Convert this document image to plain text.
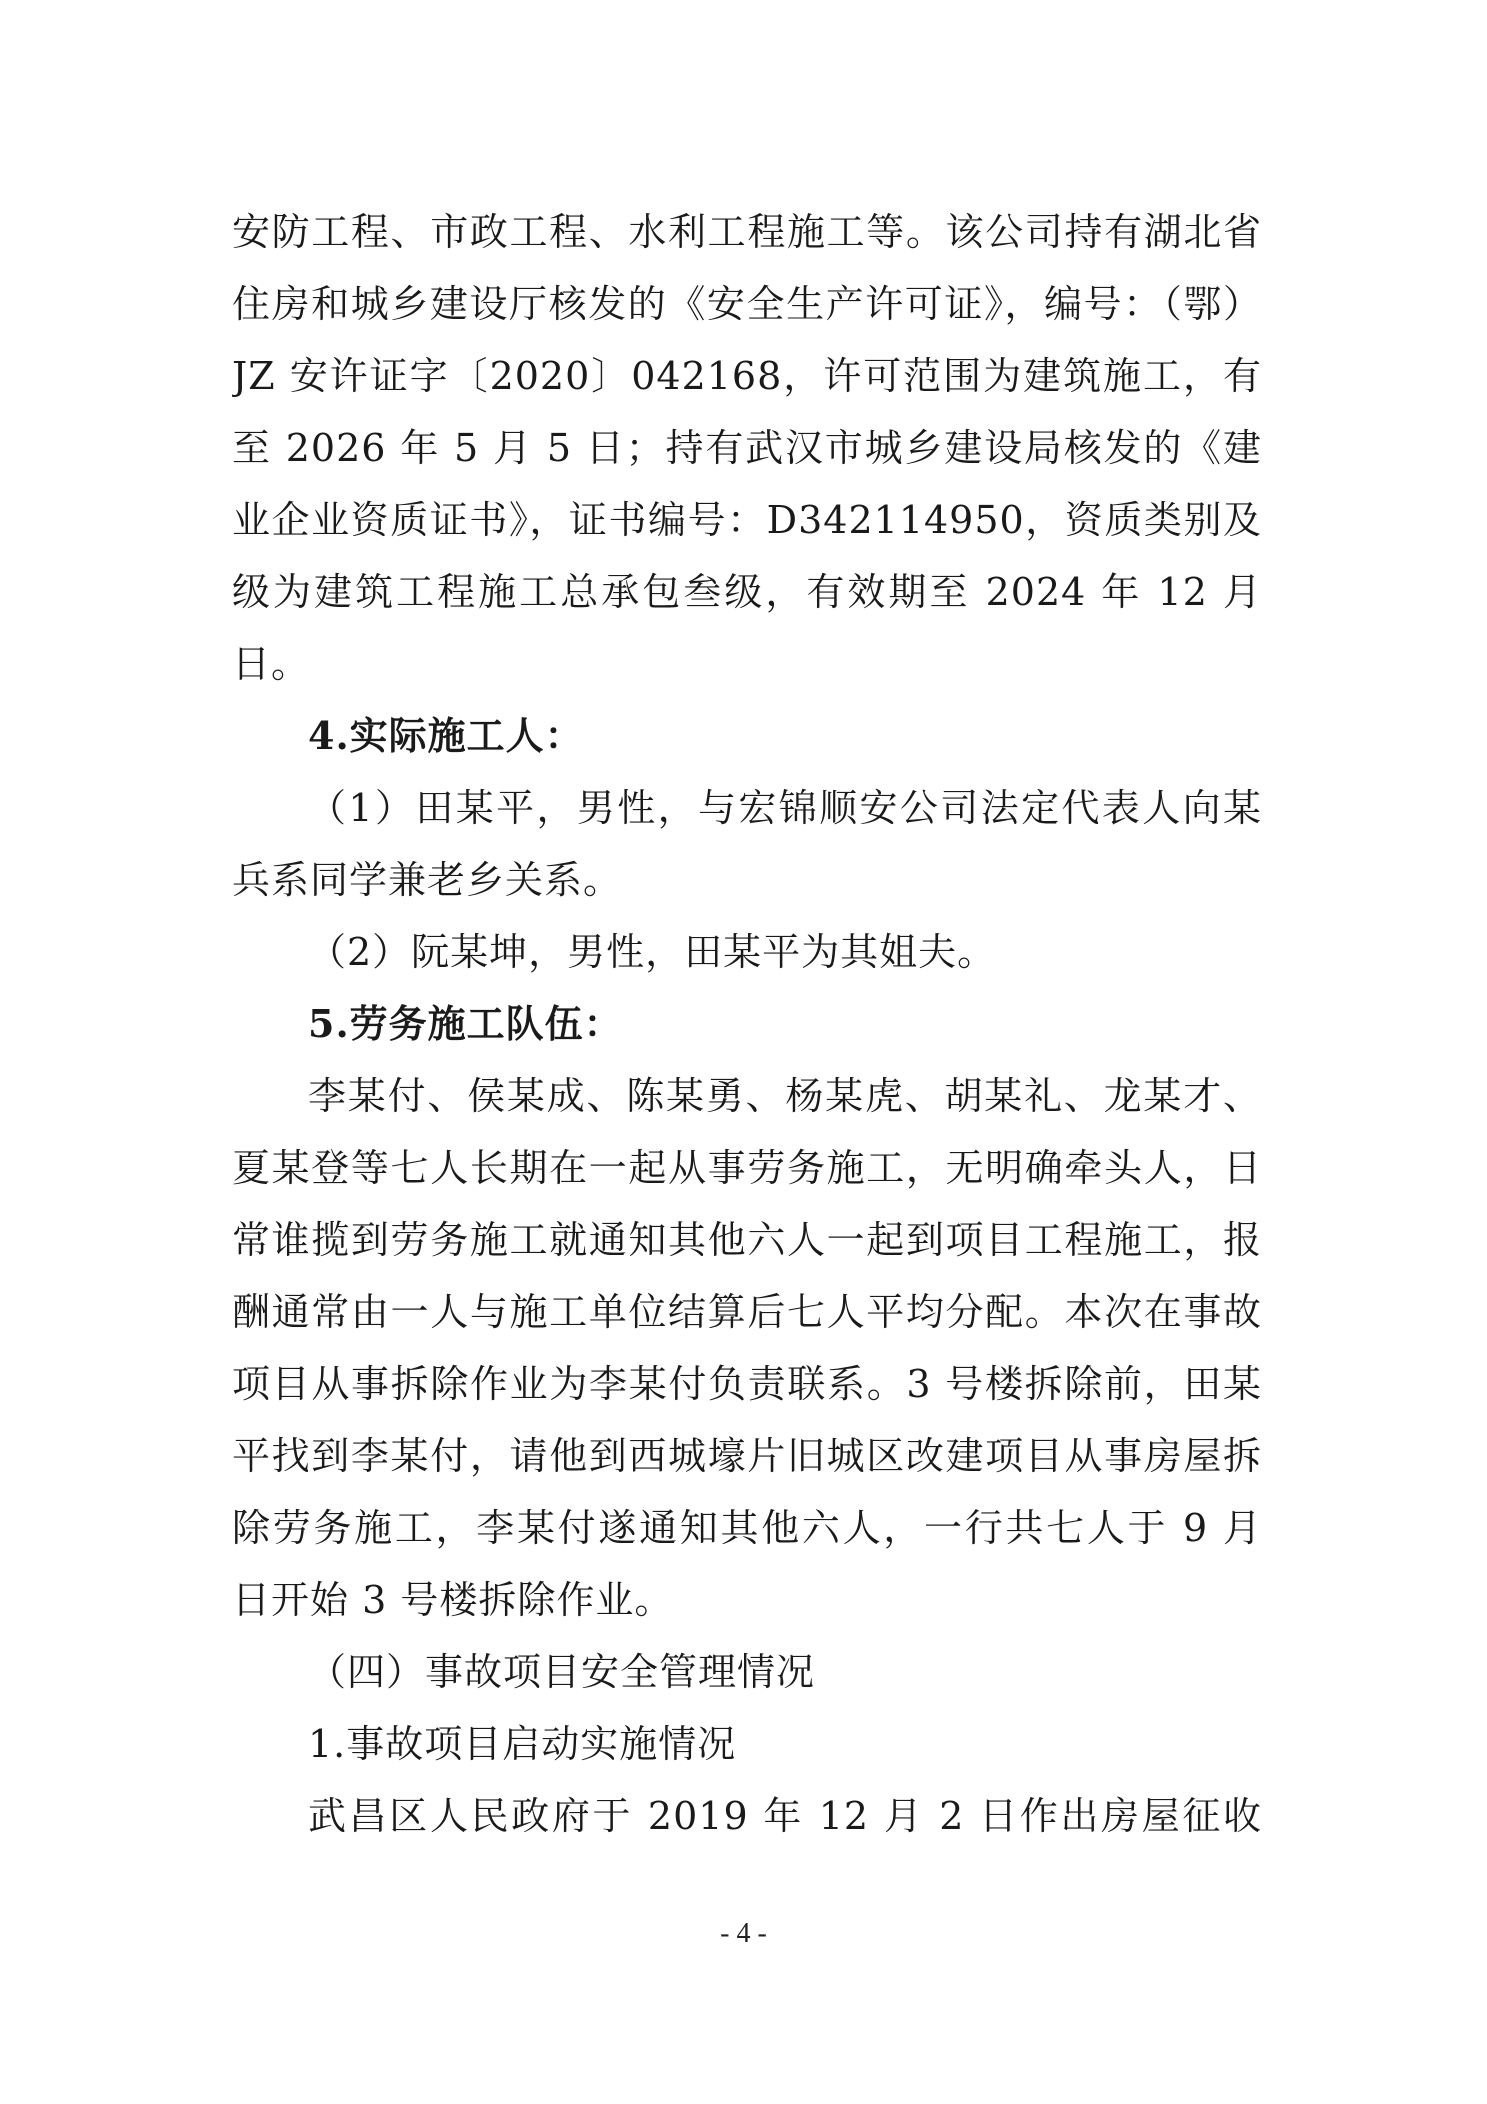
安防工程、市政工程、水利工程施工等。该公司持有湖北省
住房和城乡建设厅核发的《安全生产许可证》，编号：（鄂）
JZ 安许证字〔2020〕042168，许可范围为建筑施工，有
至 2026 年 5 月 5 日；持有武汉市城乡建设局核发的《建
业企业资质证书》，证书编号：D342114950，资质类别及
级为建筑工程施工总承包叁级，有效期至 2024 年 12 月
日。
4.实际施工人：
（1）田某平，男性，与宏锦顺安公司法定代表人向某
兵系同学兼老乡关系。
（2）阮某坤，男性，田某平为其姐夫。
5.劳务施工队伍：
李某付、侯某成、陈某勇、杨某虎、胡某礼、龙某才、
夏某登等七人长期在一起从事劳务施工，无明确牵头人，日
常谁揽到劳务施工就通知其他六人一起到项目工程施工，报
酬通常由一人与施工单位结算后七人平均分配。本次在事故
项目从事拆除作业为李某付负责联系。3 号楼拆除前，田某
平找到李某付，请他到西城壕片旧城区改建项目从事房屋拆
除劳务施工，李某付遂通知其他六人，一行共七人于 9 月
日开始 3 号楼拆除作业。
（四）事故项目安全管理情况
1.事故项目启动实施情况
武昌区人民政府于 2019 年 12 月 2 日作出房屋征收
- 4 -
